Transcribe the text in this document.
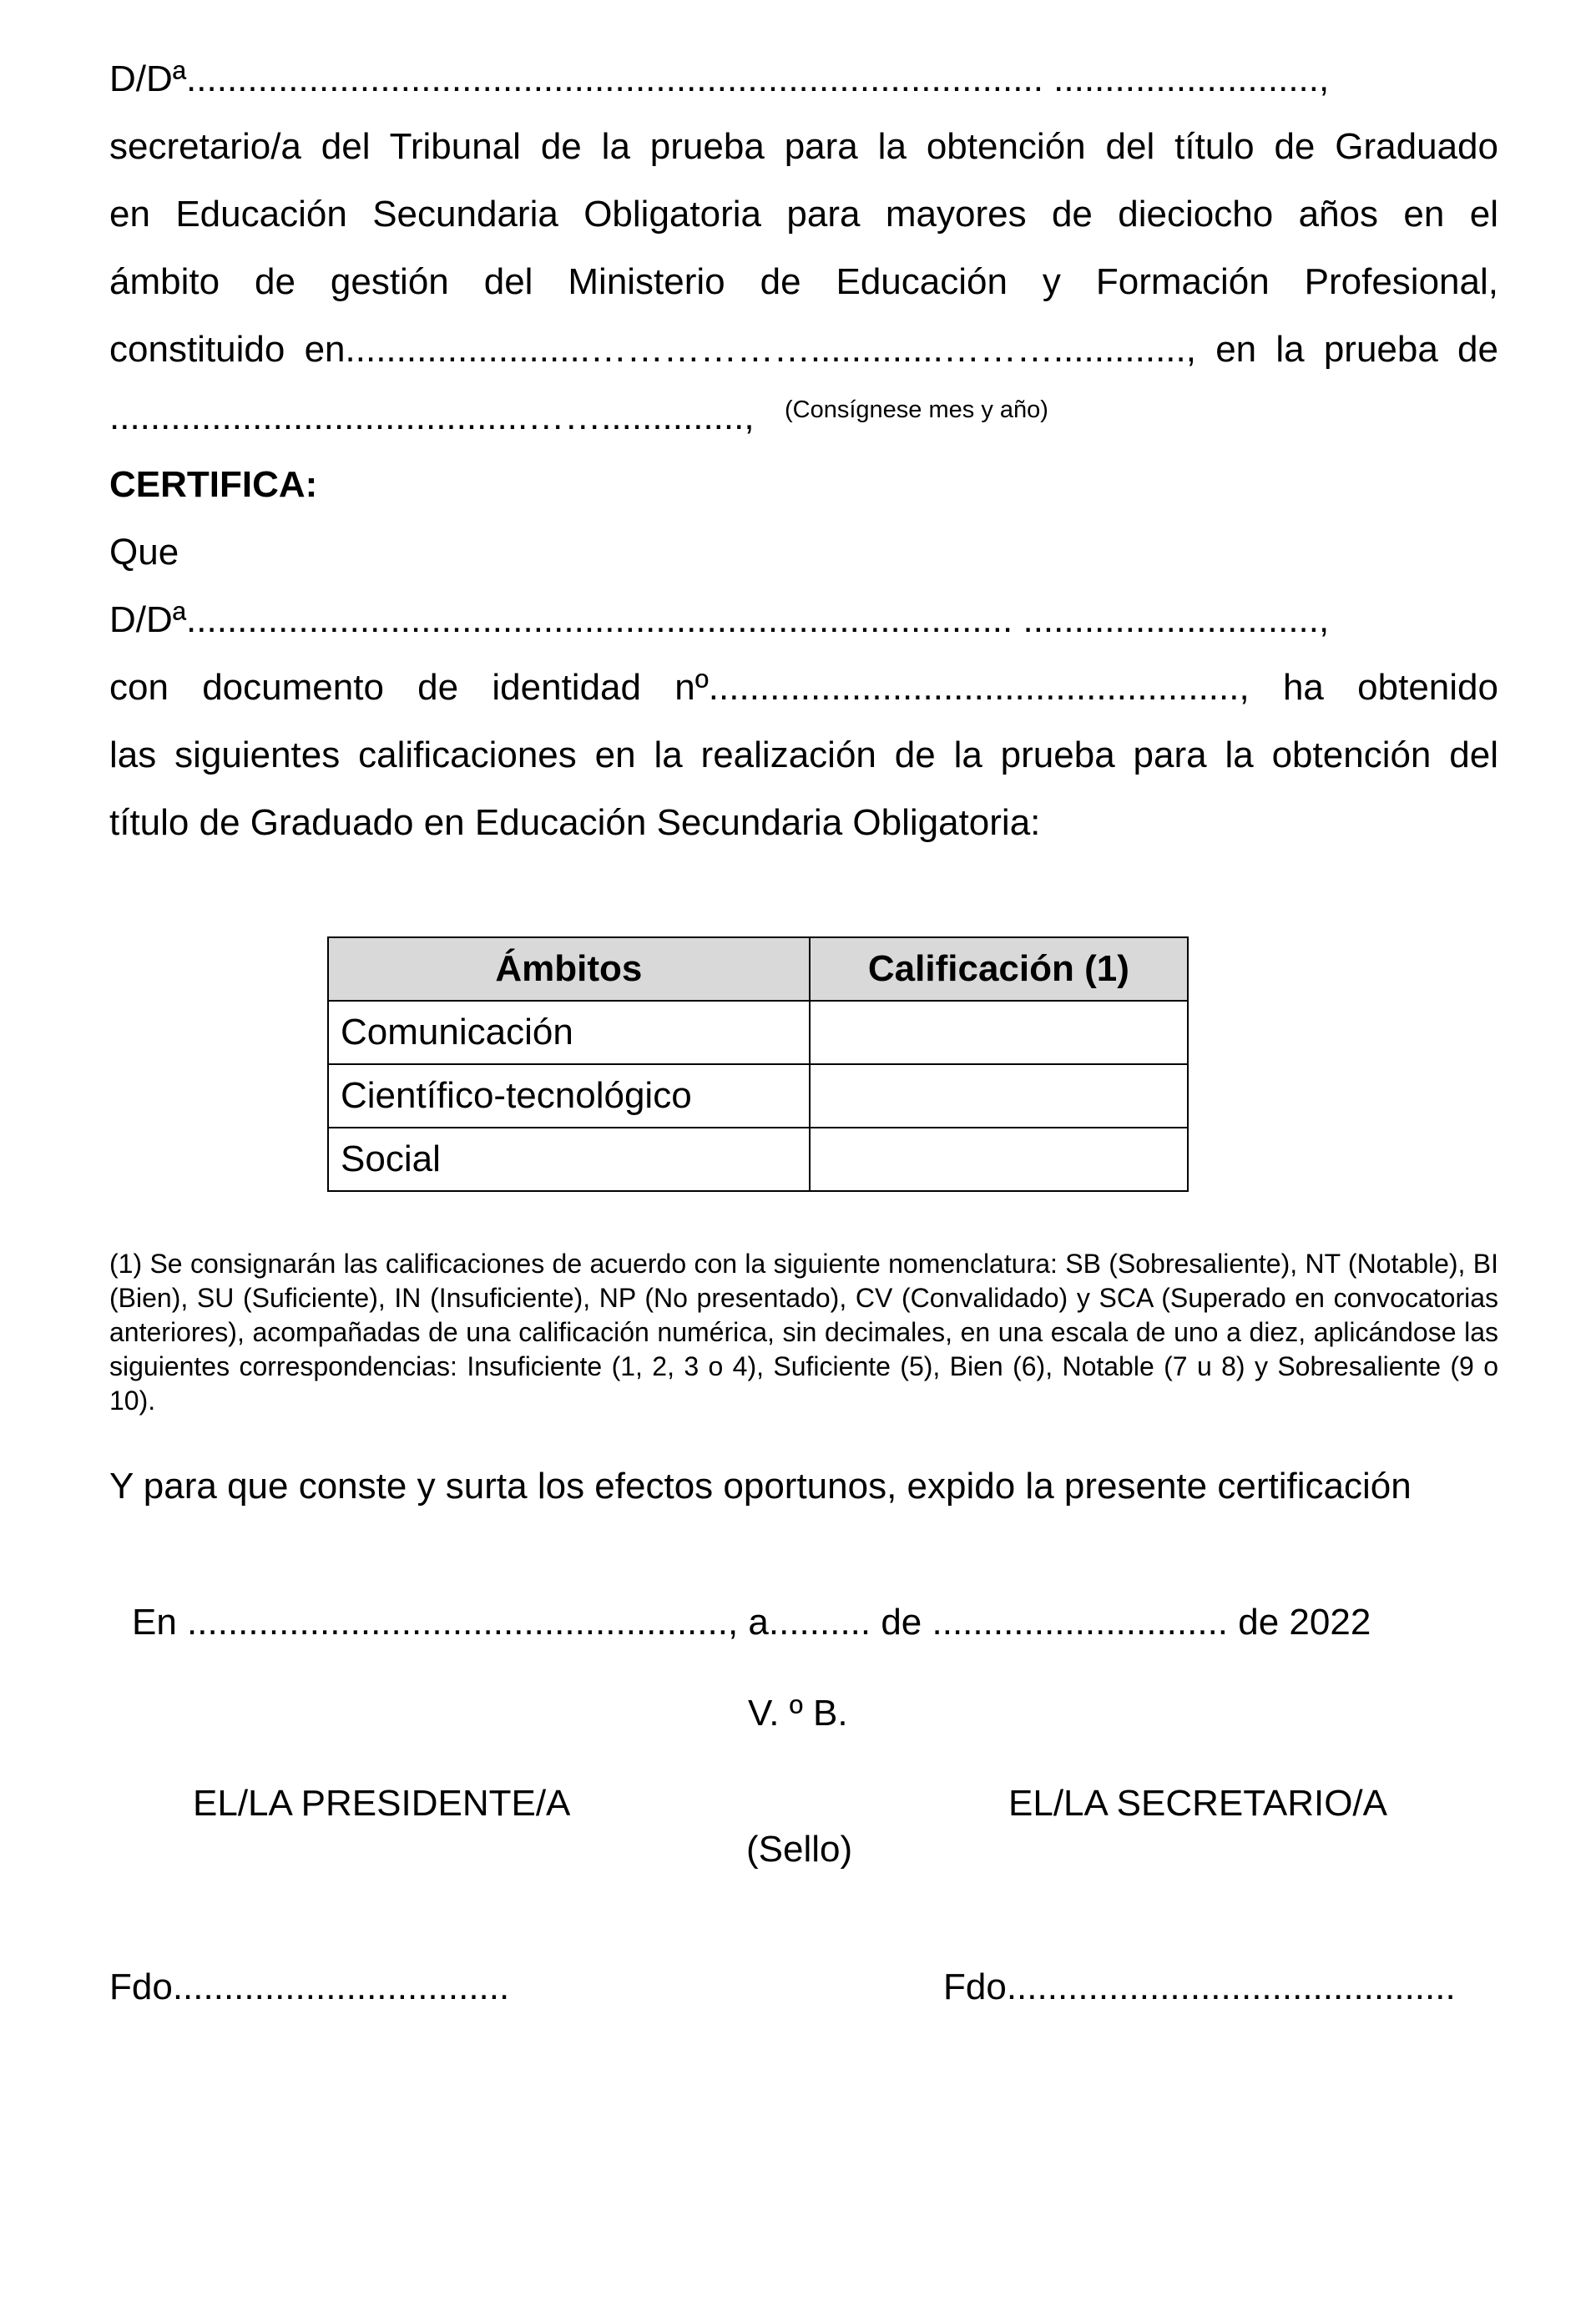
D/Dª.................................................................................... ..........................,
secretario/a del Tribunal de la prueba para la obtención del título de Graduado
en Educación Secundaria Obligatoria para mayores de dieciocho años en el
ámbito de gestión del Ministerio de Educación y Formación Profesional,
constituido en........................……………….............………............., en la prueba de
.........................................……..............,	(Consígnese mes y año)
CERTIFICA:
Que
D/Dª................................................................................. .............................,
con documento de identidad nº...................................................., ha obtenido
las siguientes calificaciones en la realización de la prueba para la obtención del
título de Graduado en Educación Secundaria Obligatoria:
Ámbitos	Calificación (1)
Comunicación	
Científico-tecnológico	
Social	
(1) Se consignarán las calificaciones de acuerdo con la siguiente nomenclatura: SB (Sobresaliente), NT (Notable), BI (Bien), SU (Suficiente), IN (Insuficiente), NP (No presentado), CV (Convalidado) y SCA (Superado en convocatorias anteriores), acompañadas de una calificación numérica, sin decimales, en una escala de uno a diez, aplicándose las siguientes correspondencias: Insuficiente (1, 2, 3 o 4), Suficiente (5), Bien (6), Notable (7 u 8) y Sobresaliente (9 o 10).
Y para que conste y surta los efectos oportunos, expido la presente certificación
En ....................................................., a.......... de ............................. de 2022
V. º B.
EL/LA PRESIDENTE/A	EL/LA SECRETARIO/A
(Sello)
Fdo.................................	Fdo............................................
